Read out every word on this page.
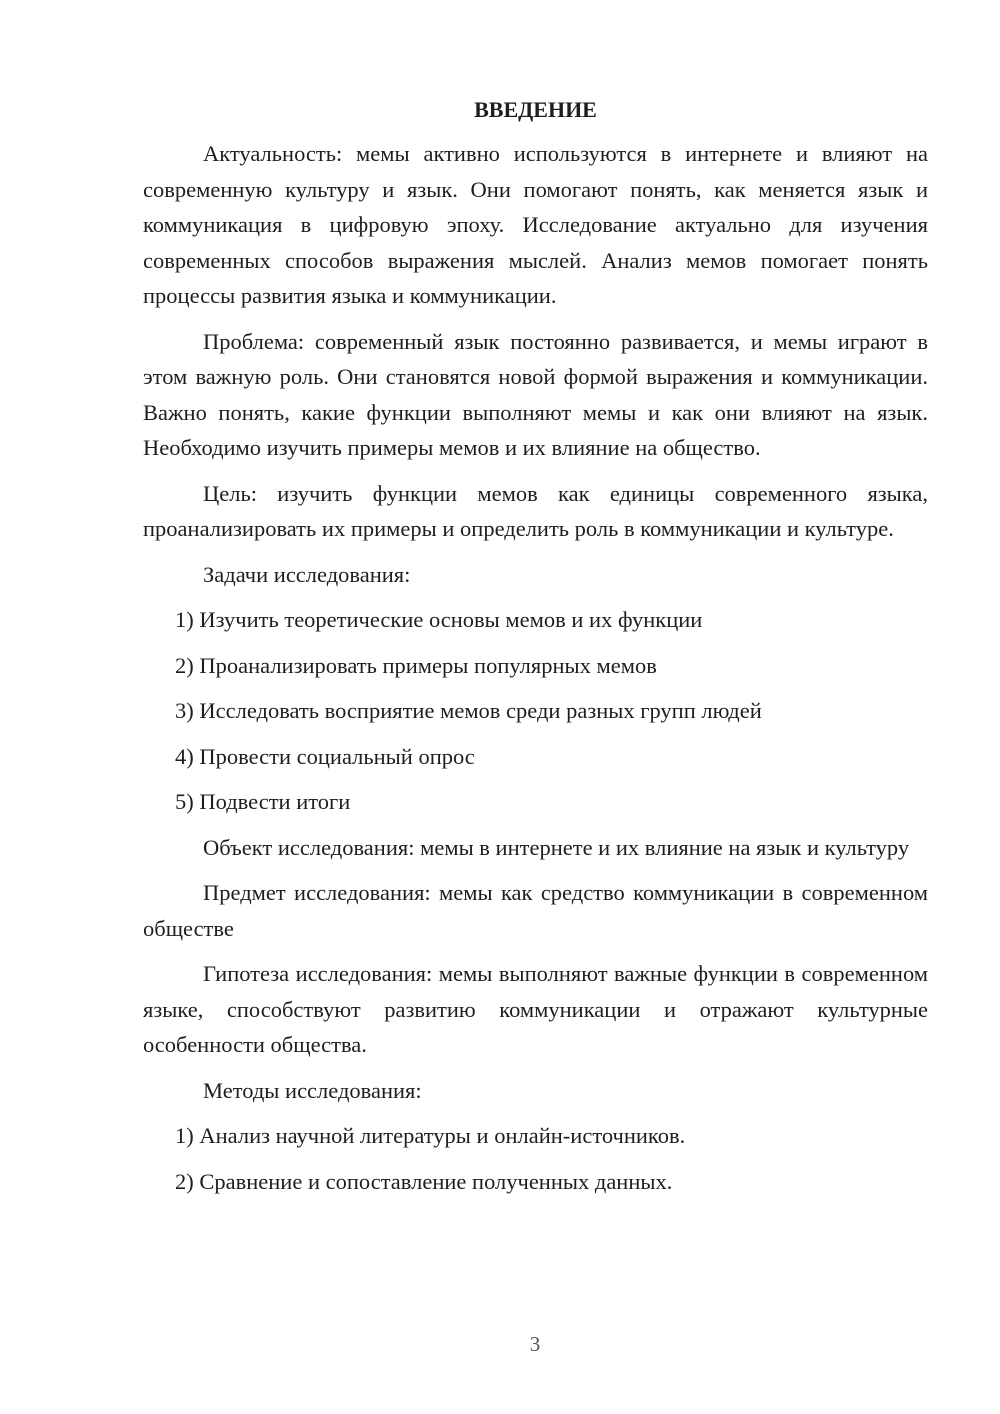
ВВЕДЕНИЕ
Актуальность: мемы активно используются в интернете и влияют на современную культуру и язык. Они помогают понять, как меняется язык и коммуникация в цифровую эпоху. Исследование актуально для изучения современных способов выражения мыслей. Анализ мемов помогает понять процессы развития языка и коммуникации.
Проблема: современный язык постоянно развивается, и мемы играют в этом важную роль. Они становятся новой формой выражения и коммуникации. Важно понять, какие функции выполняют мемы и как они влияют на язык. Необходимо изучить примеры мемов и их влияние на общество.
Цель: изучить функции мемов как единицы современного языка, проанализировать их примеры и определить роль в коммуникации и культуре.
Задачи исследования:
1) Изучить теоретические основы мемов и их функции
2) Проанализировать примеры популярных мемов
3) Исследовать восприятие мемов среди разных групп людей
4) Провести социальный опрос
5) Подвести итоги
Объект исследования: мемы в интернете и их влияние на язык и культуру
Предмет исследования: мемы как средство коммуникации в современном обществе
Гипотеза исследования: мемы выполняют важные функции в современном языке, способствуют развитию коммуникации и отражают культурные особенности общества.
Методы исследования:
1) Анализ научной литературы и онлайн-источников.
2) Сравнение и сопоставление полученных данных.
3
